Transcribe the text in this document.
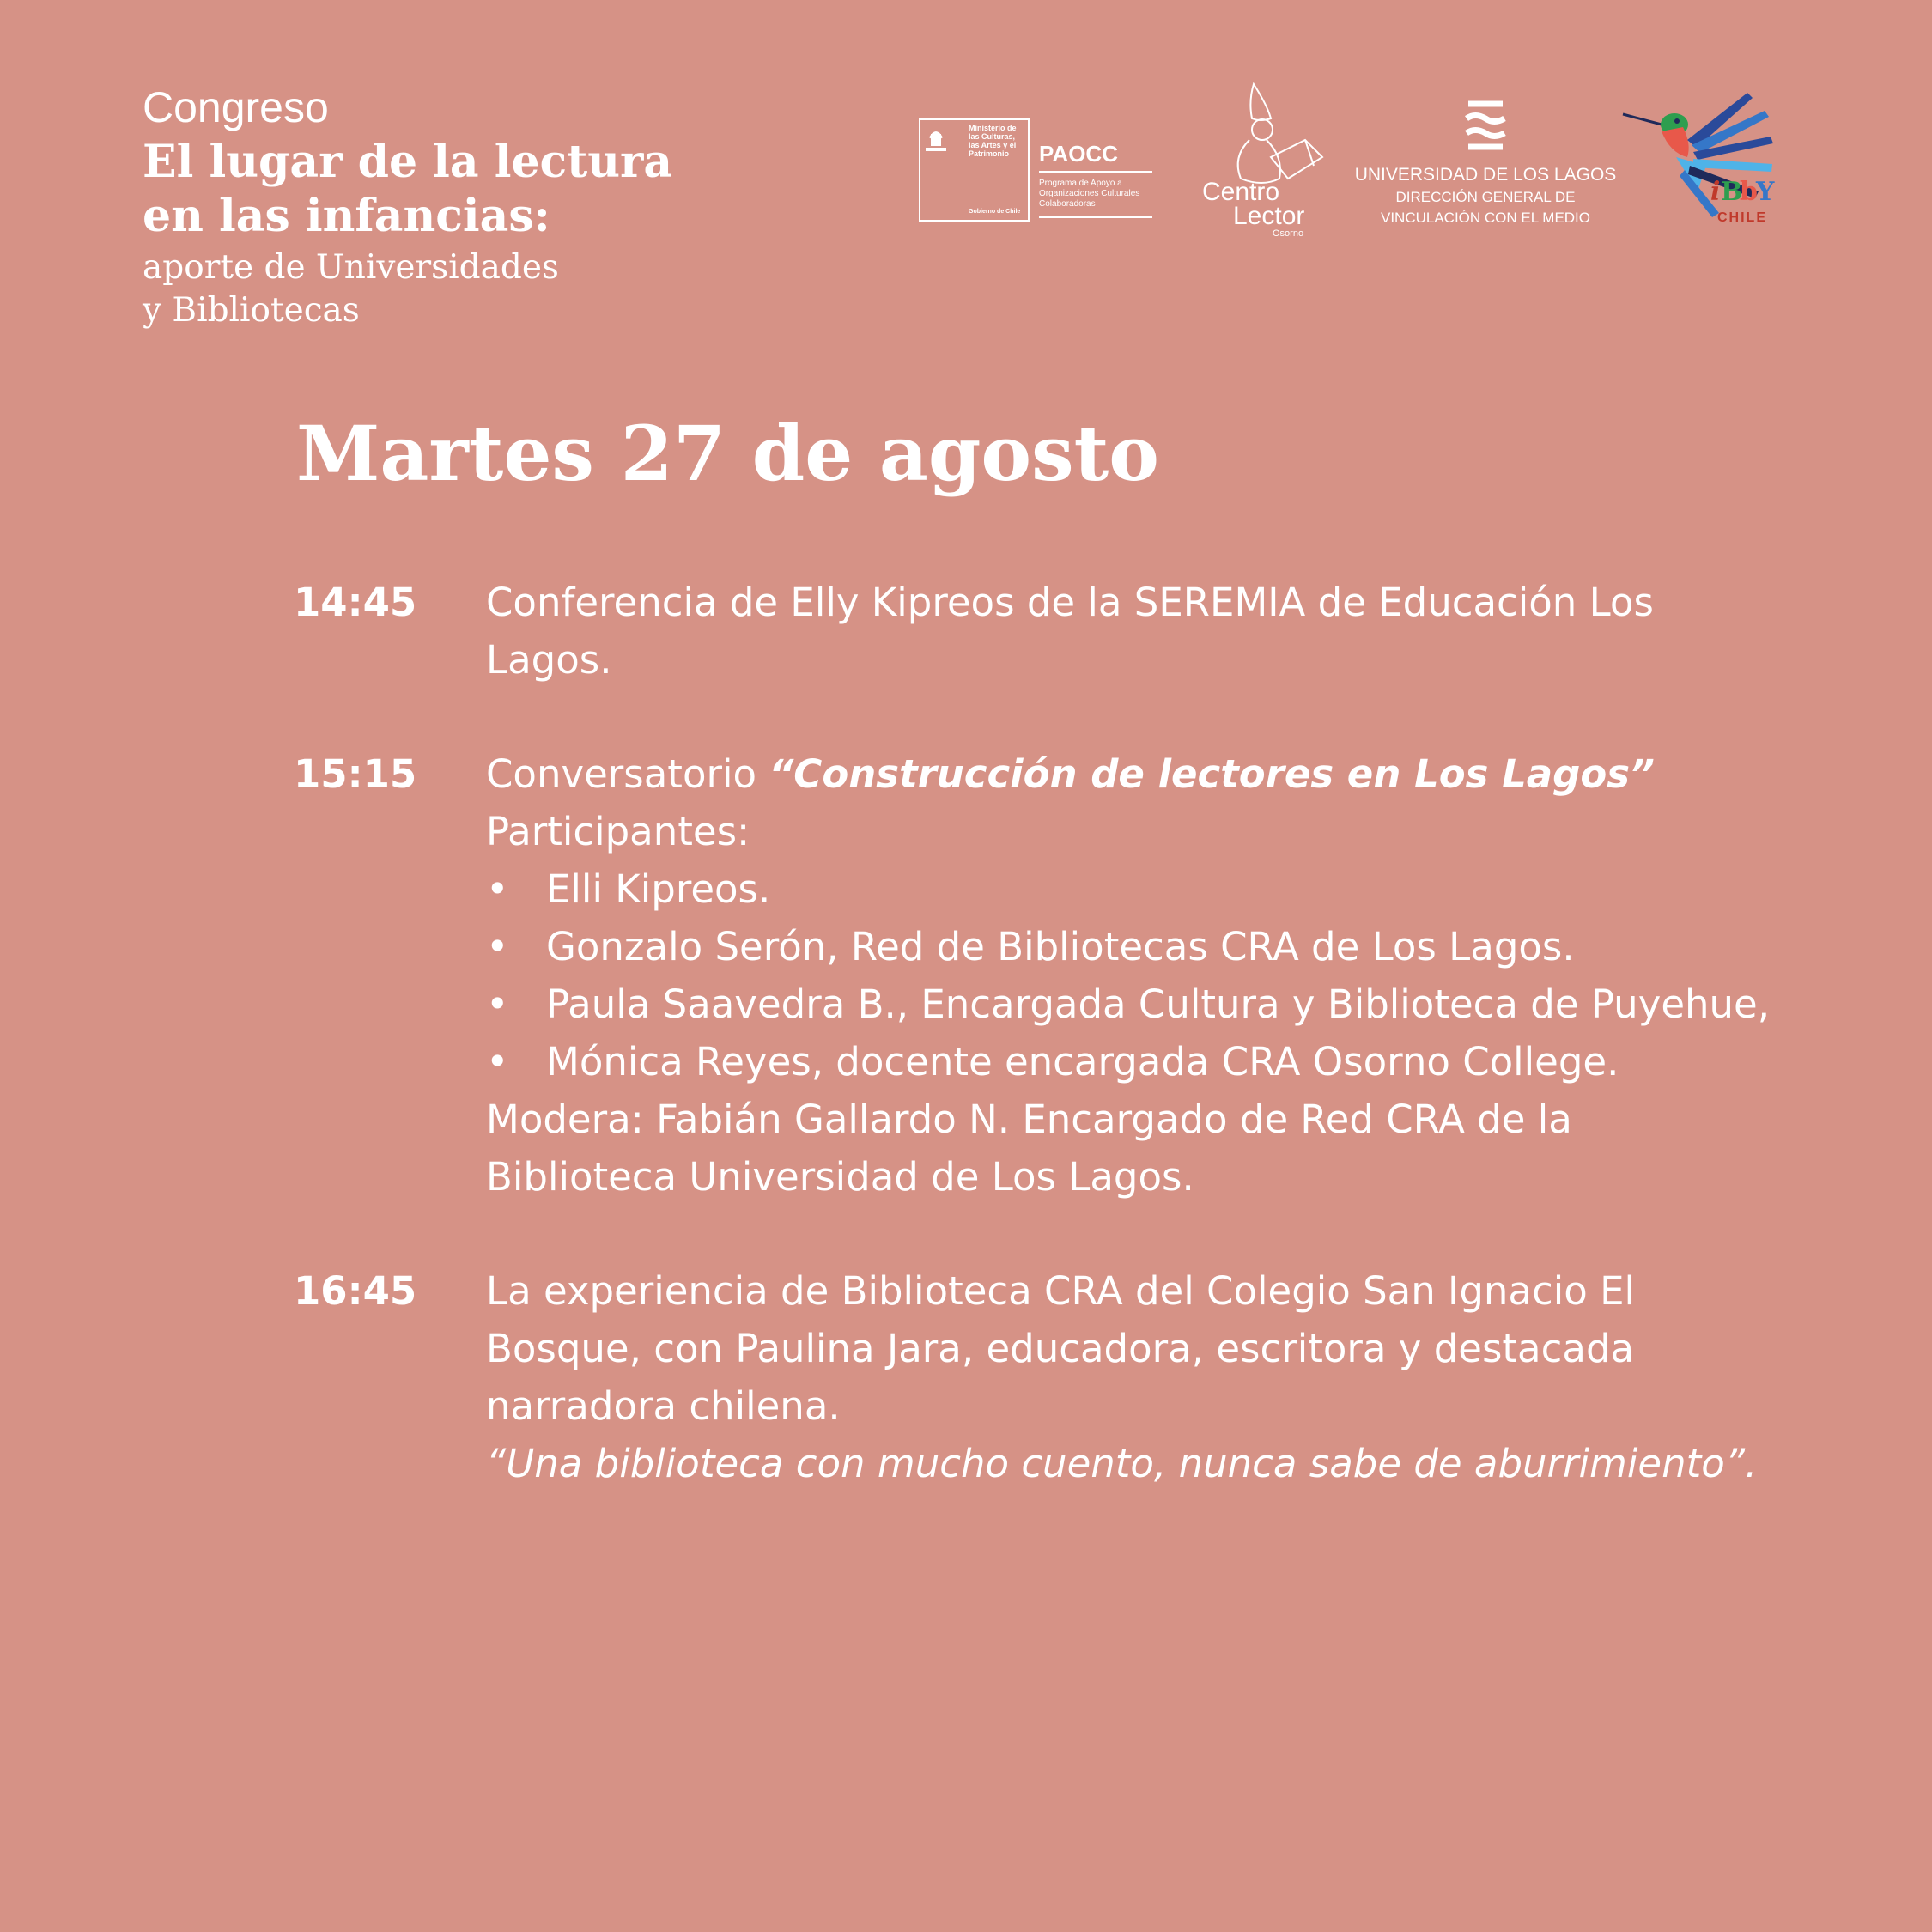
Congreso
El lugar de la lectura
en las infancias:
aporte de Universidades
y Bibliotecas
Ministerio de
las Culturas,
las Artes y el
Patrimonio
Gobierno de Chile
PAOCC
Programa de Apoyo a
Organizaciones Culturales
Colaboradoras	Centro
Lector
Osorno
UNIVERSIDAD DE LOS LAGOS
DIRECCIÓN GENERAL DE
VINCULACIÓN CON EL MEDIO
i B
b
Y
CHILE
Martes 27 de agosto
14:45	Conferencia de Elly Kipreos de la SEREMIA de Educación Los
Lagos.
15:15	Conversatorio “Construcción de lectores en Los Lagos”
Participantes:
• Elli Kipreos.
• Gonzalo Serón, Red de Bibliotecas CRA de Los Lagos.
• Paula Saavedra B., Encargada Cultura y Biblioteca de Puyehue,
• Mónica Reyes, docente encargada CRA Osorno College.
Modera: Fabián Gallardo N. Encargado de Red CRA de la
Biblioteca Universidad de Los Lagos.
16:45	La experiencia de Biblioteca CRA del Colegio San Ignacio El
Bosque, con Paulina Jara, educadora, escritora y destacada
narradora chilena.
“Una biblioteca con mucho cuento, nunca sabe de aburrimiento”.
